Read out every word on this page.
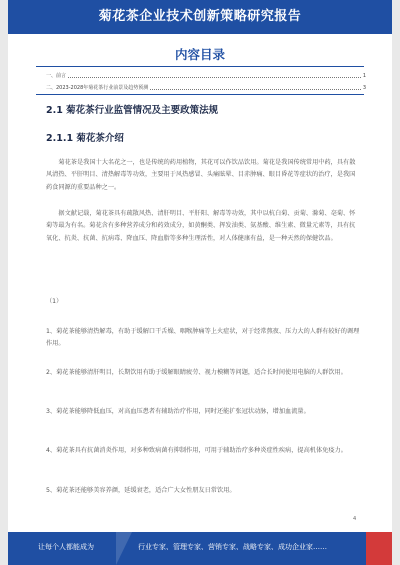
菊花茶企业技术创新策略研究报告
内容目录
一、前言	1
二、2023-2028年菊花茶行业前景及趋势预测	3
2.1 菊花茶行业监管情况及主要政策法规
2.1.1 菊花茶介绍

菊花茶是我国十大名花之一，也是传统的药用植物，其花可以作饮品饮用。菊花是我国传统常用中药，具有散风清热、平肝明目、清热解毒等功效，主要用于风热感冒、头痛眩晕、目赤肿痛、眼目昏花等症状的治疗，是我国药食同源的重要品种之一。

据文献记载，菊花茶具有疏散风热、清肝明目、平肝阳、解毒等功效，其中以杭白菊、贡菊、滁菊、亳菊、怀菊等最为有名。菊花含有多种营养成分和药效成分，如黄酮类、挥发油类、氨基酸、维生素、微量元素等，具有抗氧化、抗炎、抗菌、抗病毒、降血压、降血脂等多种生理活性，对人体健康有益，是一种天然的保健饮品。

（1）

1、菊花茶能够清热解毒，有助于缓解口干舌燥、咽喉肿痛等上火症状，对于经常熬夜、压力大的人群有较好的调理作用。

2、菊花茶能够清肝明目，长期饮用有助于缓解眼睛疲劳、视力模糊等问题，适合长时间使用电脑的人群饮用。

3、菊花茶能够降低血压，对高血压患者有辅助治疗作用，同时还能扩张冠状动脉，增加血流量。

4、菊花茶具有抗菌消炎作用，对多种致病菌有抑制作用，可用于辅助治疗多种炎症性疾病，提高机体免疫力。

5、菊花茶还能够美容养颜，延缓衰老，适合广大女性朋友日常饮用。

4
让每个人都能成为	行业专家、管理专家、营销专家、战略专家、成功企业家……
